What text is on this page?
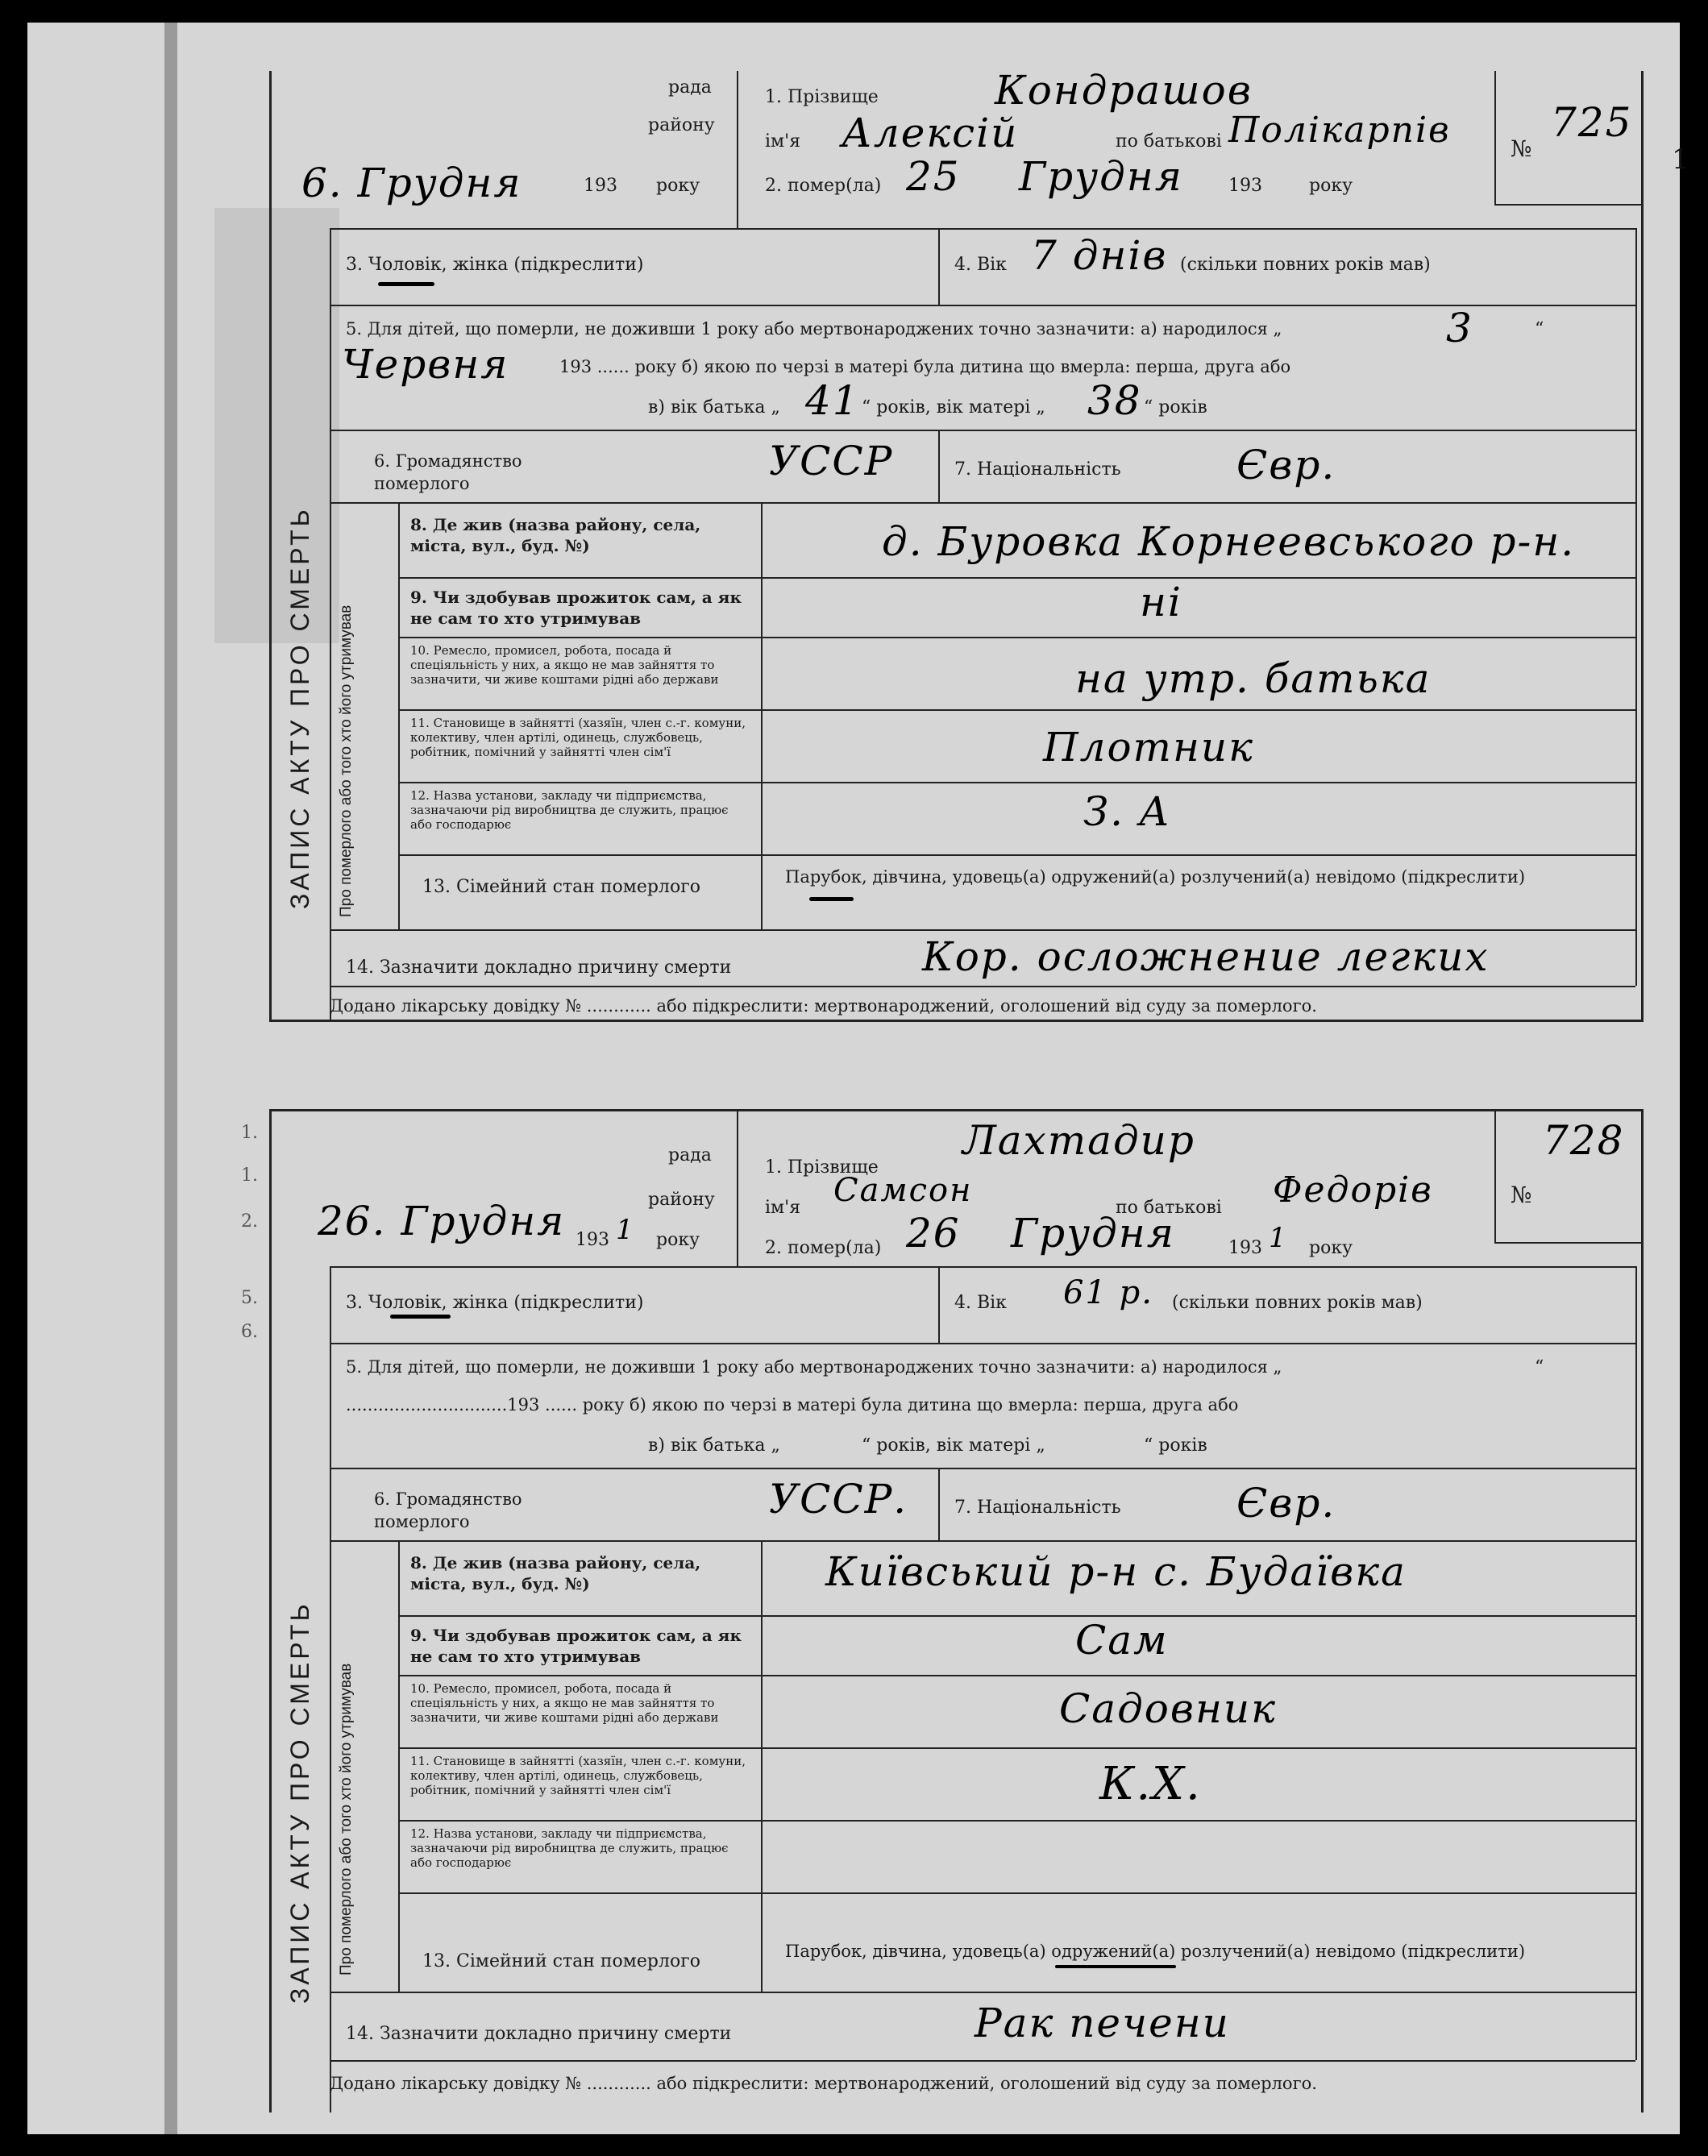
1.
1.
2.
5.
6.
1
рада
району
6. Грудня	193 року
1. Прізвище	Кондрашов
ім'я Алексій	по батькові Полікарпів
2. помер(ла) 25 Грудня	193	року
№
725
3. Чоловік, жінка (підкреслити)	4. Вік 7 днів (скільки повних років мав)
5. Для дітей, що померли, не доживши 1 року або мертвонароджених точно зазначити: а) народилося „	“
3
Червня	193 ...... року б) якою по черзі в матері була дитина що вмерла: перша, друга або
в) вік батька „ 41 “ років, вік матері „ 38 “ років
6. Громадянство померлого	УССР	7. Національність	Євр.
Про померлого або того хто його утримував
8. Де жив (назва району, села, міста, вул., буд. №)	д. Буровка Корнеевського р-н.
9. Чи здобував прожиток сам, а як не сам то хто утримував	ні
10. Ремесло, промисел, робота, посада й спеціяльність у них, а якщо не мав зайняття то зазначити, чи живе коштами рідні або держави	на утр. батька
11. Становище в зайнятті (хазяїн, член с.-г. комуни, колективу, член артілі, одинець, службовець, робітник, помічний у зайнятті член сім'ї	Плотник
12. Назва установи, закладу чи підприємства, зазначаючи рід виробництва де служить, працює або господарює	З. А
13. Сімейний стан померлого	Парубок, дівчина, удовець(а) одружений(а) розлучений(а) невідомо (підкреслити)
14. Зазначити докладно причину смерти	Кор. осложнение легких
Додано лікарську довідку № ............ або підкреслити: мертвонароджений, оголошений від суду за померлого.
ЗАПИС АКТУ ПРО СМЕРТЬ
рада
району
26. Грудня 193 1 року
1. Прізвище
Лахтадир
ім'я Самсон	по батькові Федорів
2. помер(ла) 26 Грудня	193 1 року
№
728
3. Чоловік, жінка (підкреслити)	4. Вік 61 р. (скільки повних років мав)
5. Для дітей, що померли, не доживши 1 року або мертвонароджених точно зазначити: а) народилося „	“
..............................193 ...... року б) якою по черзі в матері була дитина що вмерла: перша, друга або
в) вік батька „	“ років, вік матері „	“ років
6. Громадянство померлого	УССР.	7. Національність	Євр.
Про померлого або того хто його утримував
8. Де жив (назва району, села, міста, вул., буд. №)	Київський р-н с. Будаївка
9. Чи здобував прожиток сам, а як не сам то хто утримував	Сам
10. Ремесло, промисел, робота, посада й спеціяльність у них, а якщо не мав зайняття то зазначити, чи живе коштами рідні або держави	Садовник
11. Становище в зайнятті (хазяїн, член с.-г. комуни, колективу, член артілі, одинець, службовець, робітник, помічний у зайнятті член сім'ї	К.Х.
12. Назва установи, закладу чи підприємства, зазначаючи рід виробництва де служить, працює або господарює
13. Сімейний стан померлого	Парубок, дівчина, удовець(а) одружений(а) розлучений(а) невідомо (підкреслити)
14. Зазначити докладно причину смерти	Рак печени
Додано лікарську довідку № ............ або підкреслити: мертвонароджений, оголошений від суду за померлого.
ЗАПИС АКТУ ПРО СМЕРТЬ
